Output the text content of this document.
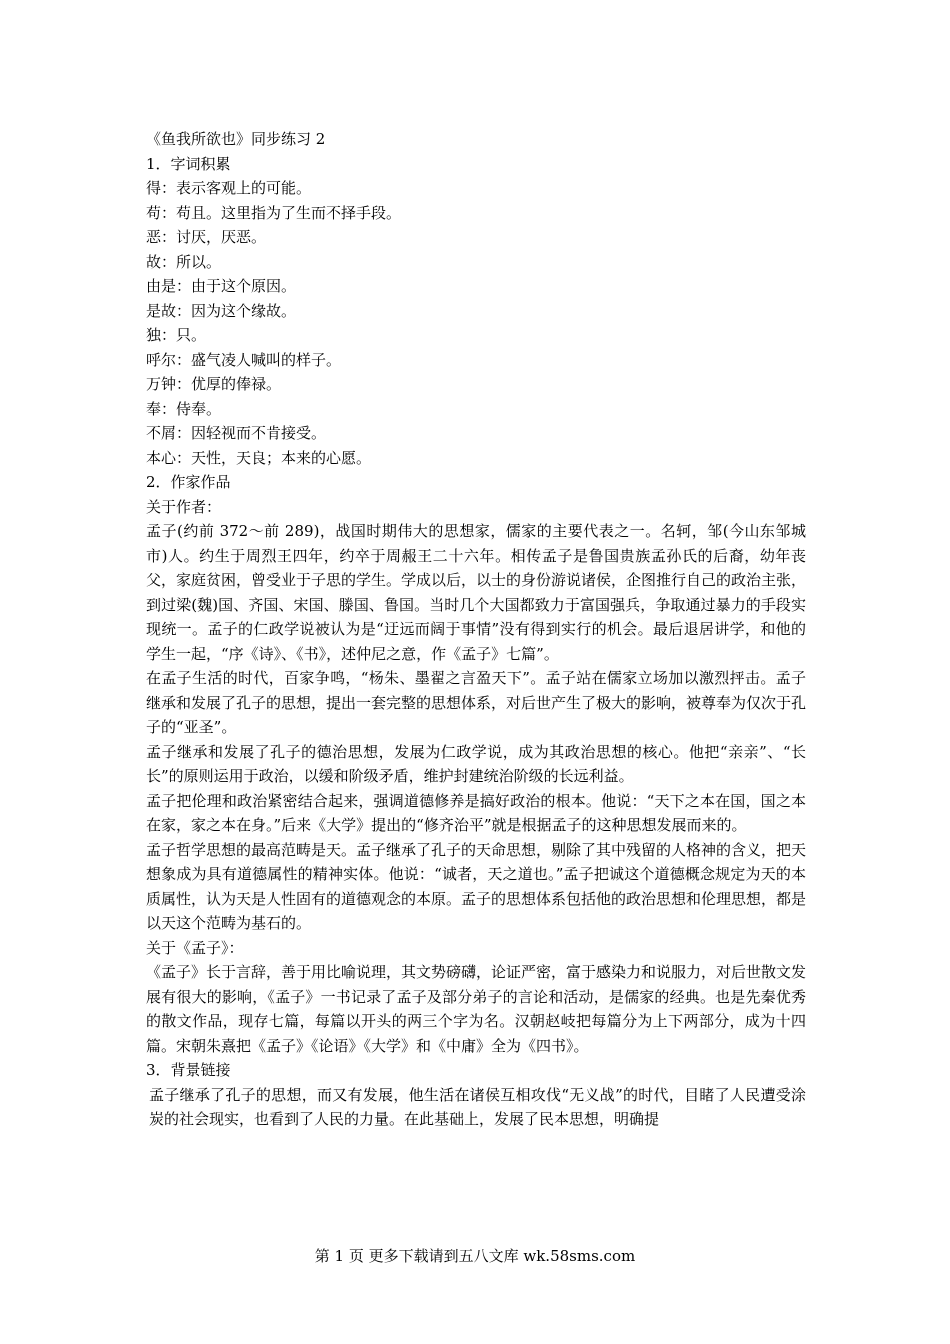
《鱼我所欲也》同步练习 2

1．字词积累

得：表示客观上的可能。

苟：苟且。这里指为了生而不择手段。

恶：讨厌，厌恶。

故：所以。

由是：由于这个原因。

是故：因为这个缘故。

独：只。

呼尔：盛气凌人喊叫的样子。

万钟：优厚的俸禄。

奉：侍奉。

不屑：因轻视而不肯接受。

本心：天性，天良；本来的心愿。

2．作家作品

关于作者：

孟子(约前 372～前 289)，战国时期伟大的思想家，儒家的主要代表之一。名轲，邹(今山东邹城市)人。约生于周烈王四年，约卒于周赧王二十六年。相传孟子是鲁国贵族孟孙氏的后裔，幼年丧父，家庭贫困，曾受业于子思的学生。学成以后，以士的身份游说诸侯，企图推行自己的政治主张，到过梁(魏)国、齐国、宋国、滕国、鲁国。当时几个大国都致力于富国强兵，争取通过暴力的手段实现统一。孟子的仁政学说被认为是“迂远而阔于事情”没有得到实行的机会。最后退居讲学，和他的学生一起，“序《诗》、《书》，述仲尼之意，作《孟子》七篇”。

在孟子生活的时代，百家争鸣，“杨朱、墨翟之言盈天下”。孟子站在儒家立场加以激烈抨击。孟子继承和发展了孔子的思想，提出一套完整的思想体系，对后世产生了极大的影响，被尊奉为仅次于孔子的“亚圣”。

孟子继承和发展了孔子的德治思想，发展为仁政学说，成为其政治思想的核心。他把“亲亲”、“长长”的原则运用于政治，以缓和阶级矛盾，维护封建统治阶级的长远利益。

孟子把伦理和政治紧密结合起来，强调道德修养是搞好政治的根本。他说：“天下之本在国，国之本在家，家之本在身。”后来《大学》提出的“修齐治平”就是根据孟子的这种思想发展而来的。

孟子哲学思想的最高范畴是天。孟子继承了孔子的天命思想，剔除了其中残留的人格神的含义，把天想象成为具有道德属性的精神实体。他说：“诚者，天之道也。”孟子把诚这个道德概念规定为天的本质属性，认为天是人性固有的道德观念的本原。孟子的思想体系包括他的政治思想和伦理思想，都是以天这个范畴为基石的。

关于《孟子》：

《孟子》长于言辞，善于用比喻说理，其文势磅礴，论证严密，富于感染力和说服力，对后世散文发展有很大的影响，《孟子》一书记录了孟子及部分弟子的言论和活动，是儒家的经典。也是先秦优秀的散文作品，现存七篇，每篇以开头的两三个字为名。汉朝赵岐把每篇分为上下两部分，成为十四篇。宋朝朱熹把《孟子》《论语》《大学》和《中庸》全为《四书》。

3．背景链接

孟子继承了孔子的思想，而又有发展，他生活在诸侯互相攻伐“无义战”的时代，目睹了人民遭受涂炭的社会现实，也看到了人民的力量。在此基础上，发展了民本思想，明确提

第 1 页 更多下载请到五八文库 wk.58sms.com
